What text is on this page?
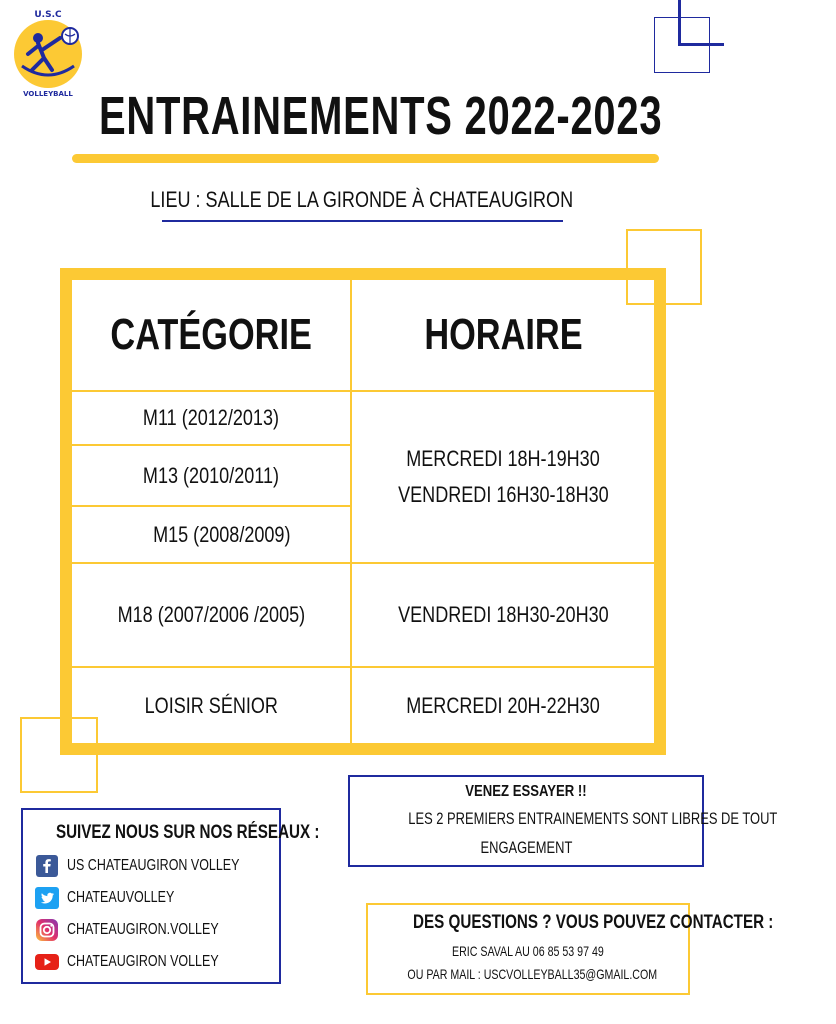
U.S.C
VOLLEYBALL ENTRAINEMENTS 2022-2023
LIEU : SALLE DE LA GIRONDE À CHATEAUGIRON
CATÉGORIE	HORAIRE
M11 (2012/2013)
M13 (2010/2011)
M15 (2008/2009)
M18 (2007/2006 /2005)
LOISIR SÉNIOR
MERCREDI 18H-19H30
VENDREDI 16H30-18H30
VENDREDI 18H30-20H30
MERCREDI 20H-22H30
SUIVEZ NOUS SUR NOS RÉSEAUX :
US CHATEAUGIRON VOLLEY
CHATEAUVOLLEY
CHATEAUGIRON.VOLLEY
CHATEAUGIRON VOLLEY
VENEZ ESSAYER !!
LES 2 PREMIERS ENTRAINEMENTS SONT LIBRES DE TOUT
ENGAGEMENT
DES QUESTIONS ? VOUS POUVEZ CONTACTER :
ERIC SAVAL AU 06 85 53 97 49
OU PAR MAIL : USCVOLLEYBALL35@GMAIL.COM
